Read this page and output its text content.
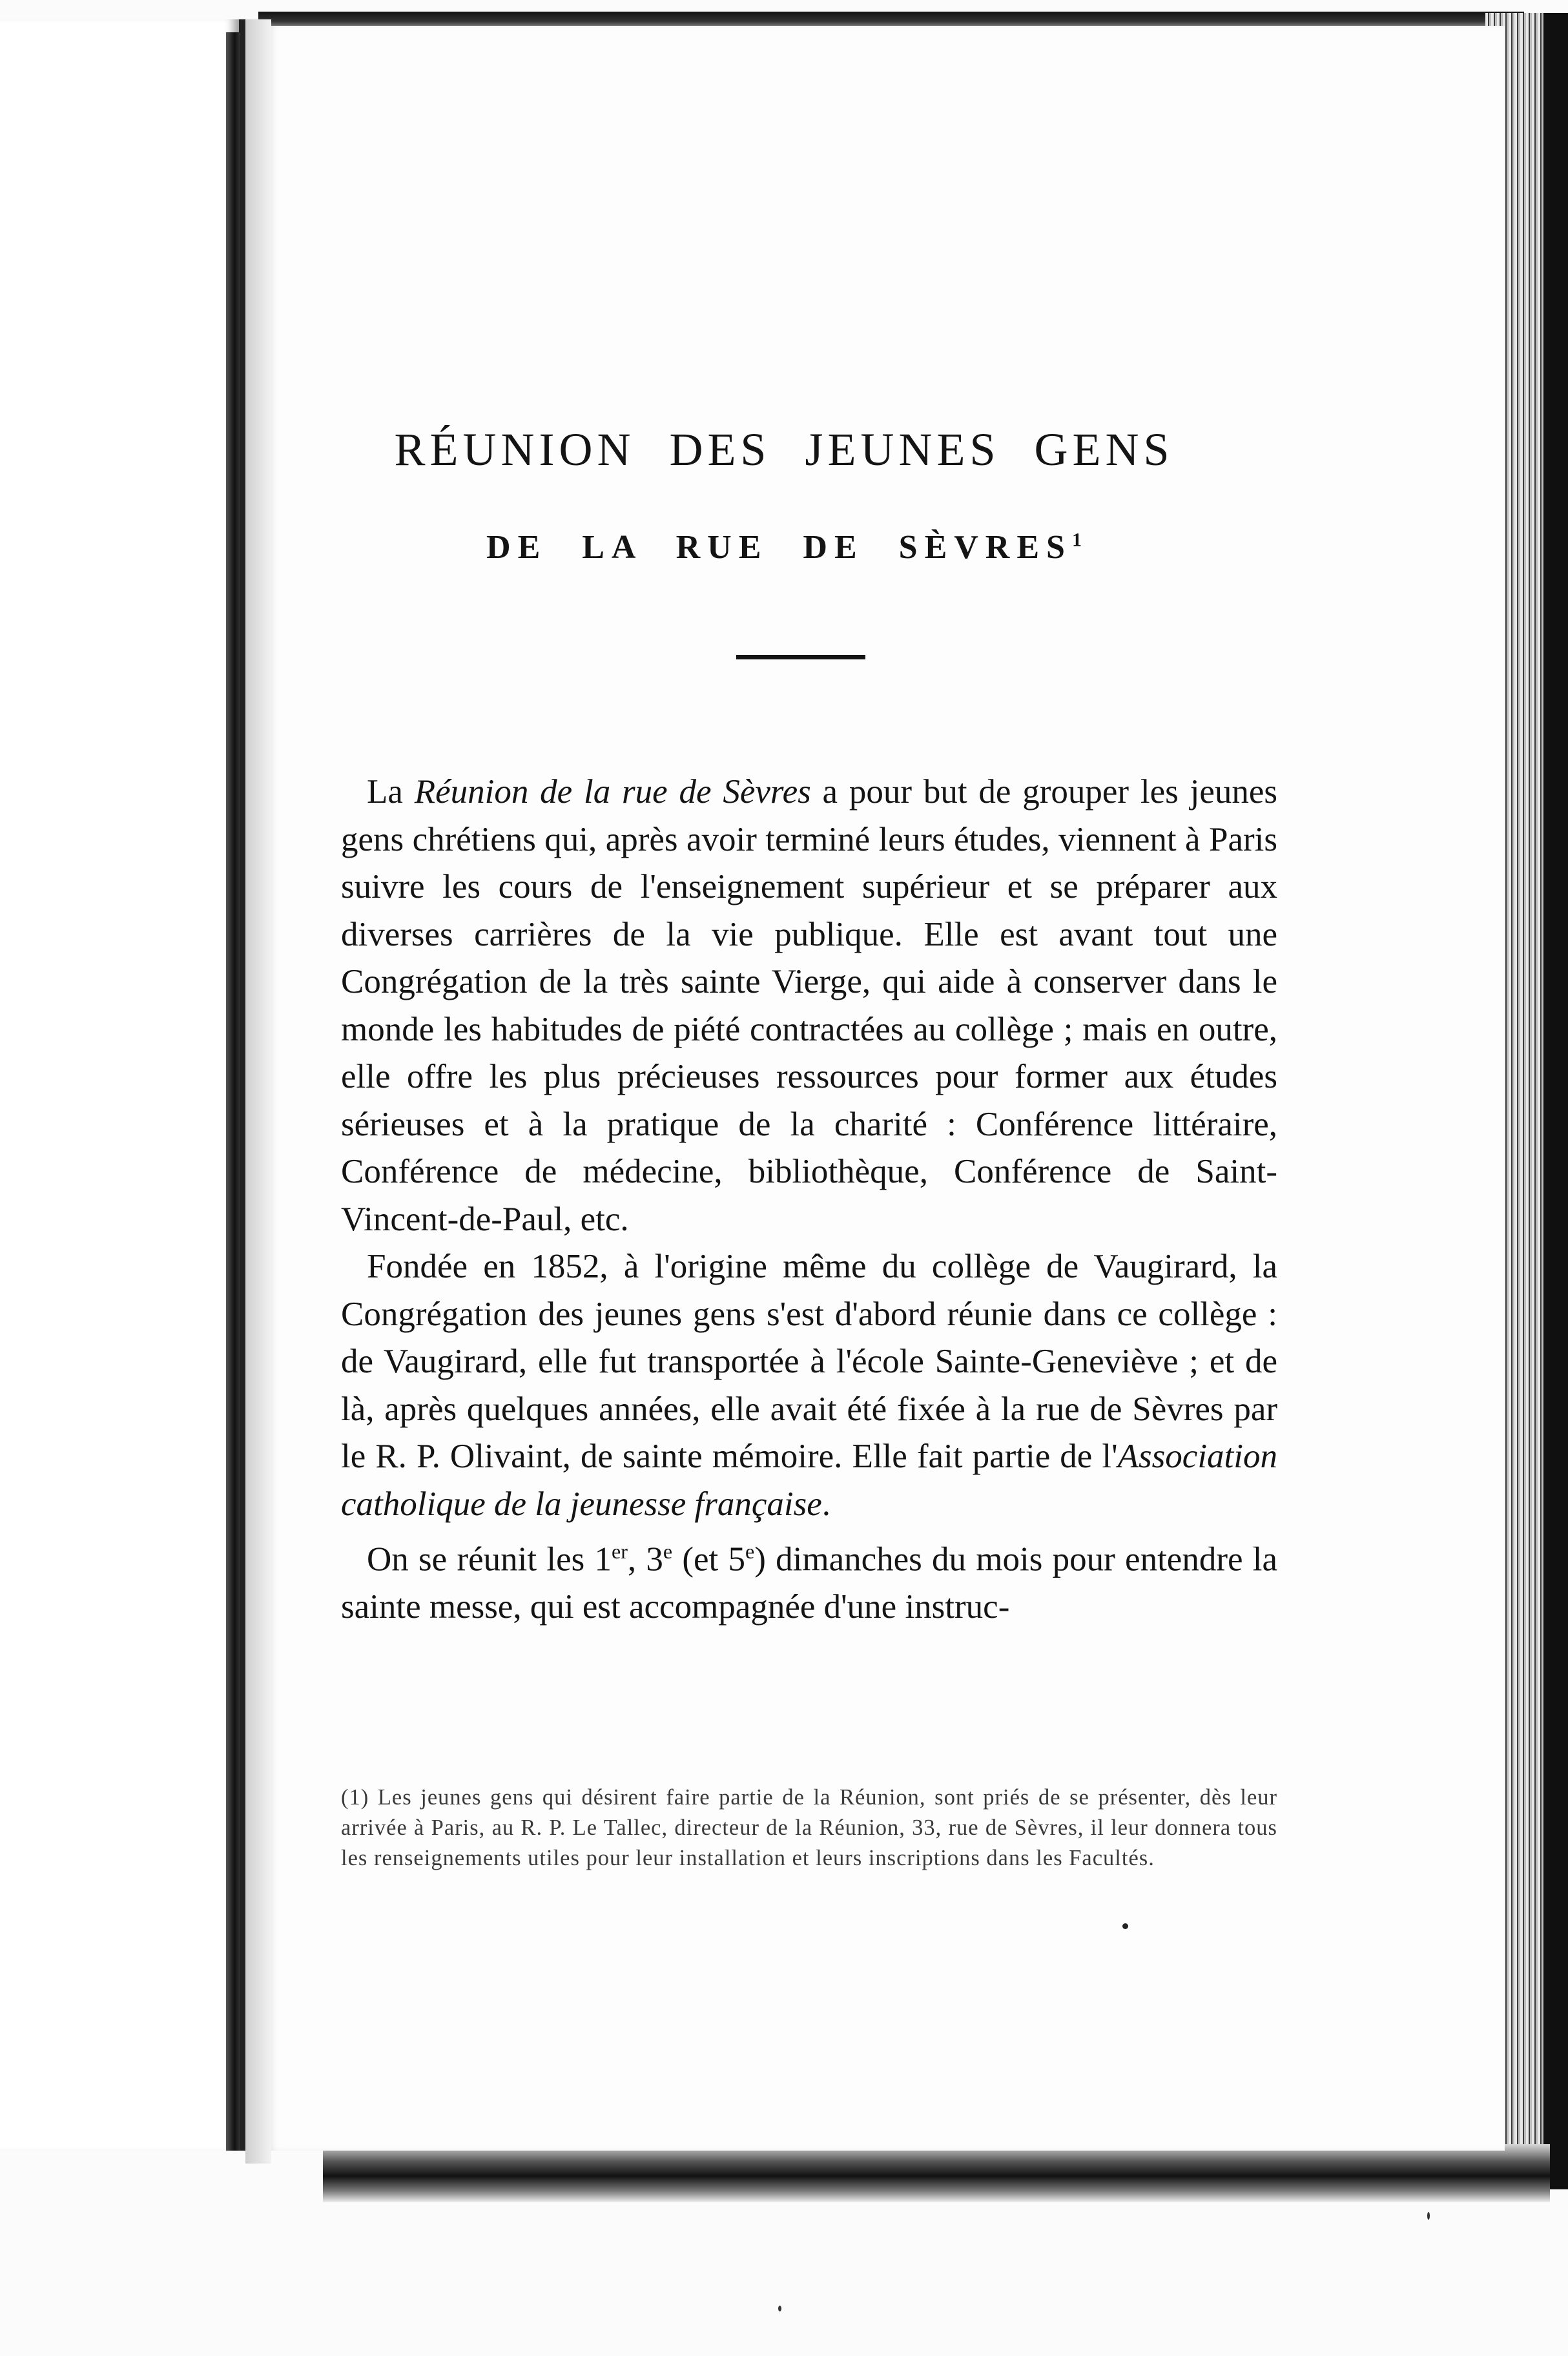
RÉUNION DES JEUNES GENS
DE LA RUE DE SÈVRES$^1$

La Réunion de la rue de Sèvres a pour but de grouper les jeunes gens chrétiens qui, après avoir terminé leurs études, viennent à Paris suivre les cours de l'enseignement supérieur et se préparer aux diverses carrières de la vie publique. Elle est avant tout une Congrégation de la très sainte Vierge, qui aide à conserver dans le monde les habitudes de piété contractées au collège ; mais en outre, elle offre les plus précieuses ressources pour former aux études sérieuses et à la pratique de la charité : Conférence littéraire, Conférence de médecine, bibliothèque, Conférence de Saint-Vincent-de-Paul, etc.

Fondée en 1852, à l'origine même du collège de Vaugirard, la Congrégation des jeunes gens s'est d'abord réunie dans ce collège : de Vaugirard, elle fut transportée à l'école Sainte-Geneviève ; et de là, après quelques années, elle avait été fixée à la rue de Sèvres par le R. P. Olivaint, de sainte mémoire. Elle fait partie de l'Association catholique de la jeunesse française.

On se réunit les 1er, 3e (et 5e) dimanches du mois pour entendre la sainte messe, qui est accompagnée d'une instruc-

(1) Les jeunes gens qui désirent faire partie de la Réunion, sont priés de se présenter, dès leur arrivée à Paris, au R. P. Le Tallec, directeur de la Réunion, 33, rue de Sèvres, il leur donnera tous les renseignements utiles pour leur installation et leurs inscriptions dans les Facultés.
